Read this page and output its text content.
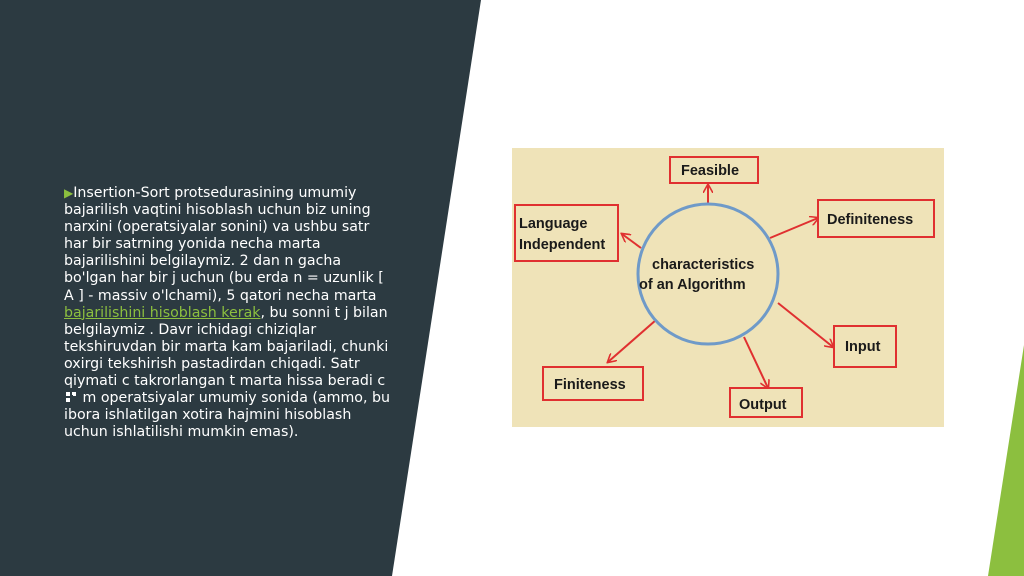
▶Insertion-Sort protsedurasining umumiy bajarilish vaqtini hisoblash uchun biz uning narxini (operatsiyalar sonini) va ushbu satr har bir satrning yonida necha marta bajarilishini belgilaymiz. 2 dan n gacha bo'lgan har bir j uchun (bu erda n = uzunlik [ A ] - massiv o'lchami), 5 qatori necha marta bajarilishini hisoblash kerak, bu sonni t j bilan belgilaymiz . Davr ichidagi chiziqlar tekshiruvdan bir marta kam bajariladi, chunki oxirgi tekshirish pastadirdan chiqadi. Satr qiymati c takrorlangan t marta hissa beradi c  m operatsiyalar umumiy sonida (ammo, bu ibora ishlatilgan xotira hajmini hisoblash uchun ishlatilishi mumkin emas).
characteristics
of an Algorithm
Feasible
Definiteness
Language
Independent
Input
Finiteness
Output
